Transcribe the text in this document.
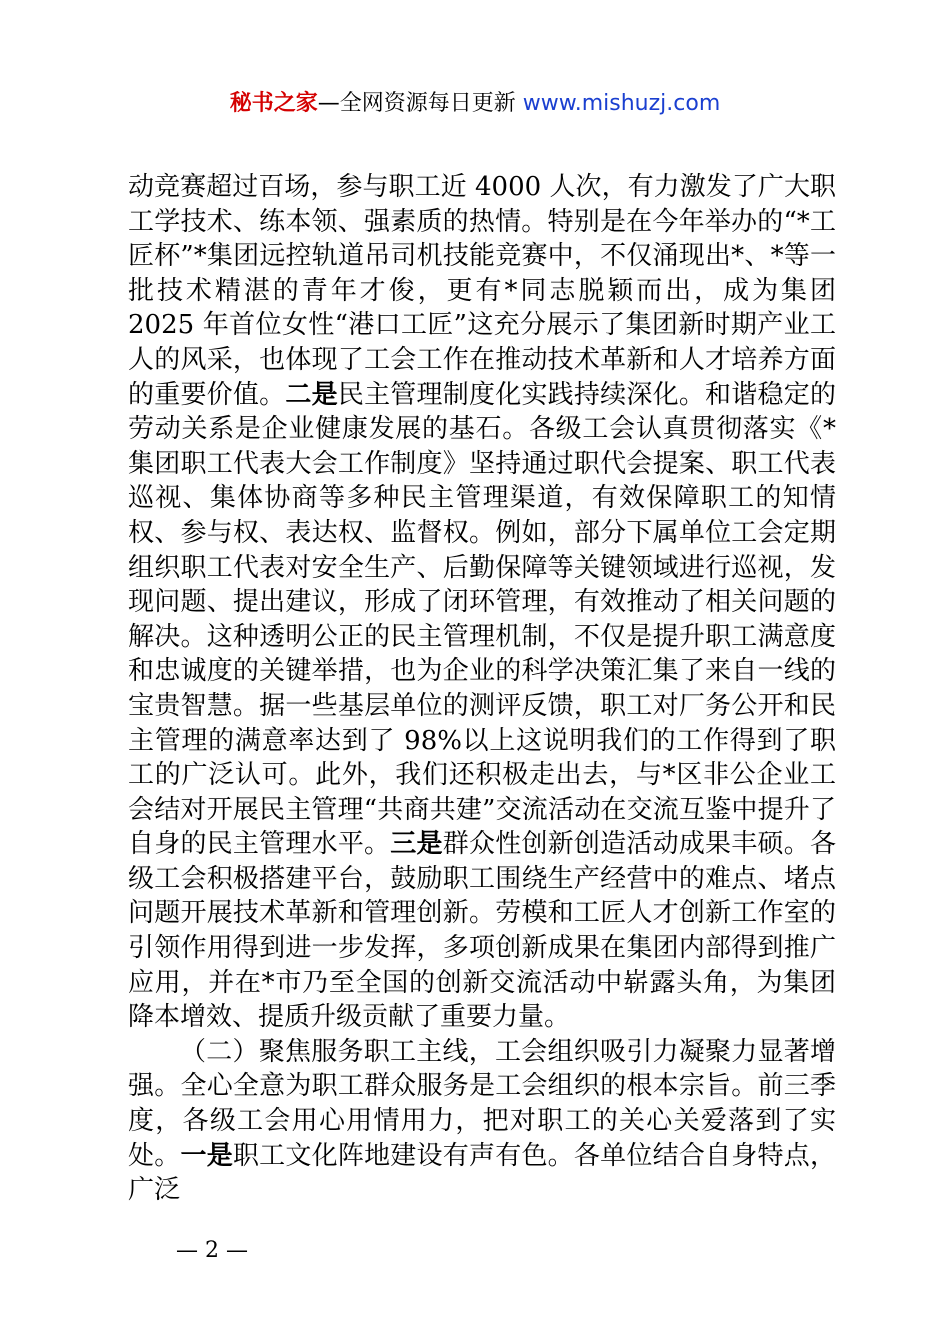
秘书之家—全网资源每日更新 www.mishuzj.com

动竞赛超过百场，参与职工近 4000 人次，有力激发了广大职工学技术、练本领、强素质的热情。特别是在今年举办的“*工匠杯”*集团远控轨道吊司机技能竞赛中，不仅涌现出*、*等一批技术精湛的青年才俊，更有*同志脱颖而出，成为集团 2025 年首位女性“港口工匠”这充分展示了集团新时期产业工人的风采，也体现了工会工作在推动技术革新和人才培养方面的重要价值。二是民主管理制度化实践持续深化。和谐稳定的劳动关系是企业健康发展的基石。各级工会认真贯彻落实《*集团职工代表大会工作制度》坚持通过职代会提案、职工代表巡视、集体协商等多种民主管理渠道，有效保障职工的知情权、参与权、表达权、监督权。例如，部分下属单位工会定期组织职工代表对安全生产、后勤保障等关键领域进行巡视，发现问题、提出建议，形成了闭环管理，有效推动了相关问题的解决。这种透明公正的民主管理机制，不仅是提升职工满意度和忠诚度的关键举措，也为企业的科学决策汇集了来自一线的宝贵智慧。据一些基层单位的测评反馈，职工对厂务公开和民主管理的满意率达到了 98%以上这说明我们的工作得到了职工的广泛认可。此外，我们还积极走出去，与*区非公企业工会结对开展民主管理“共商共建”交流活动在交流互鉴中提升了自身的民主管理水平。三是群众性创新创造活动成果丰硕。各级工会积极搭建平台，鼓励职工围绕生产经营中的难点、堵点问题开展技术革新和管理创新。劳模和工匠人才创新工作室的引领作用得到进一步发挥，多项创新成果在集团内部得到推广应用，并在*市乃至全国的创新交流活动中崭露头角，为集团降本增效、提质升级贡献了重要力量。

（二）聚焦服务职工主线，工会组织吸引力凝聚力显著增强。全心全意为职工群众服务是工会组织的根本宗旨。前三季度，各级工会用心用情用力，把对职工的关心关爱落到了实处。一是职工文化阵地建设有声有色。各单位结合自身特点，广泛

— 2 —
